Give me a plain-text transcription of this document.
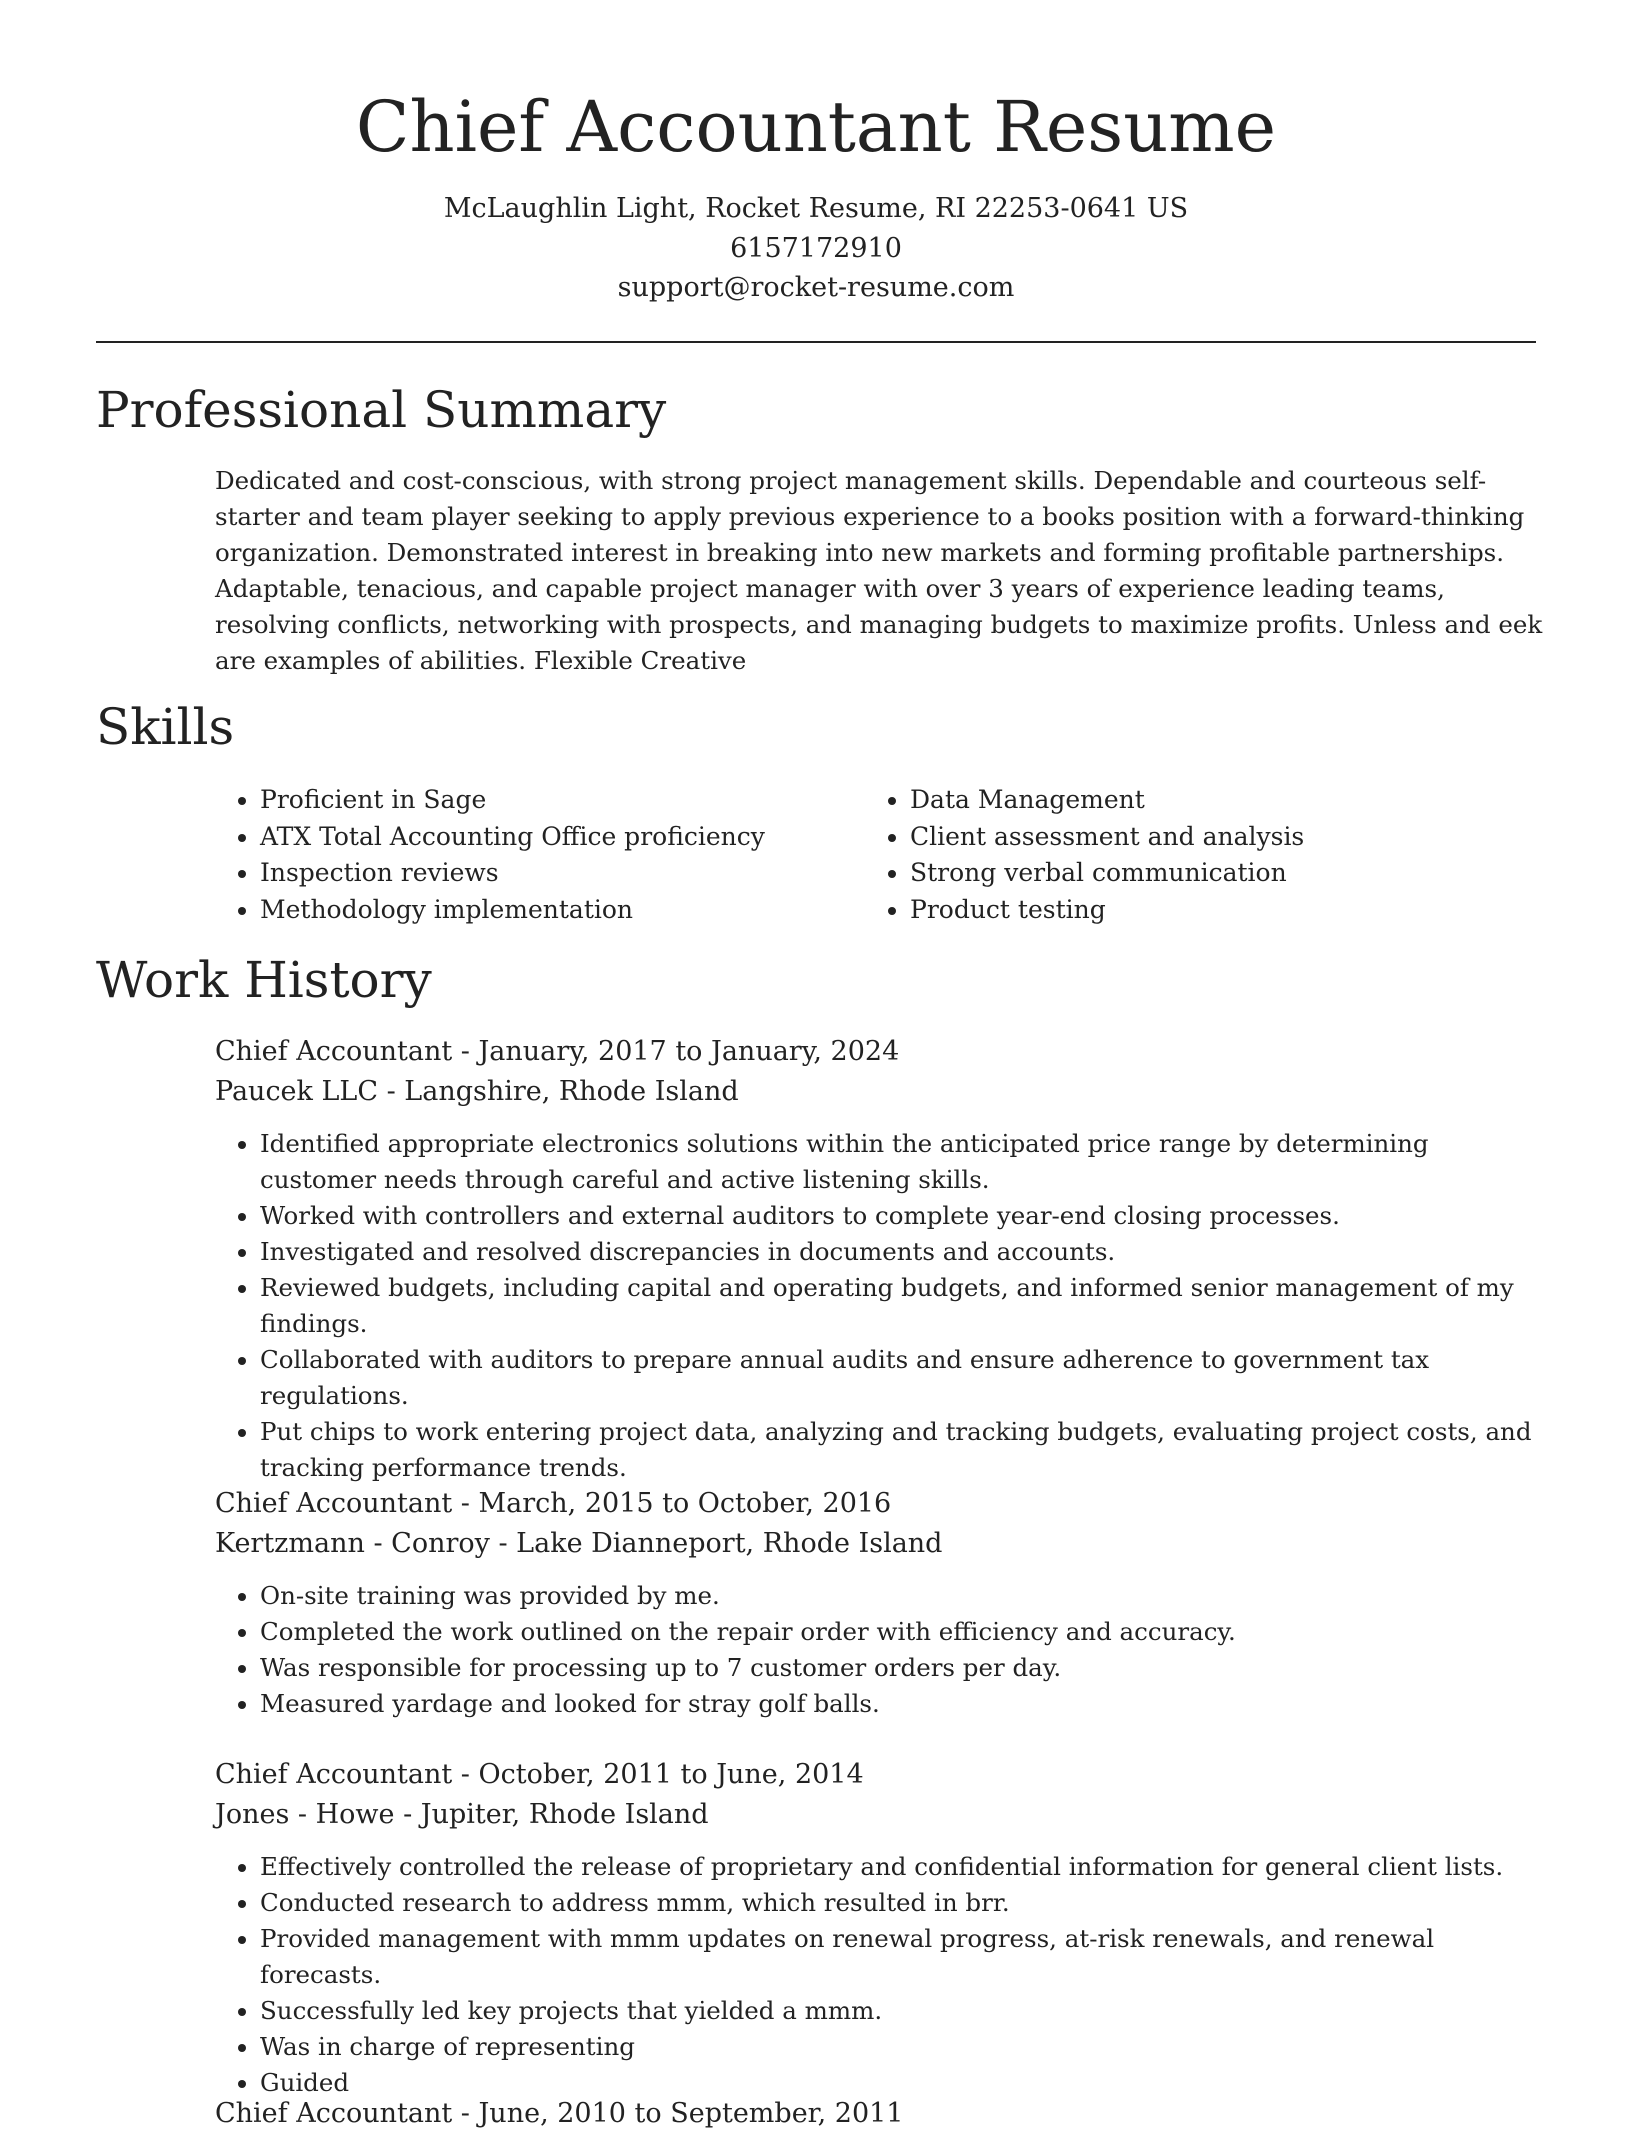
Chief Accountant Resume

McLaughlin Light, Rocket Resume, RI 22253-0641 US

6157172910

support@rocket-resume.com

Professional Summary

Dedicated and cost-conscious, with strong project management skills. Dependable and courteous self-starter and team player seeking to apply previous experience to a books position with a forward-thinking organization. Demonstrated interest in breaking into new markets and forming profitable partnerships. Adaptable, tenacious, and capable project manager with over 3 years of experience leading teams, resolving conflicts, networking with prospects, and managing budgets to maximize profits. Unless and eek are examples of abilities. Flexible Creative

Skills
• Proficient in Sage
• ATX Total Accounting Office proficiency
• Inspection reviews
• Methodology implementation
• Data Management
• Client assessment and analysis
• Strong verbal communication
• Product testing
Work History

Chief Accountant - January, 2017 to January, 2024

Paucek LLC - Langshire, Rhode Island

• Identified appropriate electronics solutions within the anticipated price range by determining customer needs through careful and active listening skills.
• Worked with controllers and external auditors to complete year-end closing processes.
• Investigated and resolved discrepancies in documents and accounts.
• Reviewed budgets, including capital and operating budgets, and informed senior management of my findings.
• Collaborated with auditors to prepare annual audits and ensure adherence to government tax regulations.
• Put chips to work entering project data, analyzing and tracking budgets, evaluating project costs, and tracking performance trends.

Chief Accountant - March, 2015 to October, 2016

Kertzmann - Conroy - Lake Dianneport, Rhode Island

• On-site training was provided by me.
• Completed the work outlined on the repair order with efficiency and accuracy.
• Was responsible for processing up to 7 customer orders per day.
• Measured yardage and looked for stray golf balls.

Chief Accountant - October, 2011 to June, 2014

Jones - Howe - Jupiter, Rhode Island

• Effectively controlled the release of proprietary and confidential information for general client lists.
• Conducted research to address mmm, which resulted in brr.
• Provided management with mmm updates on renewal progress, at-risk renewals, and renewal forecasts.
• Successfully led key projects that yielded a mmm.
• Was in charge of representing
• Guided

Chief Accountant - June, 2010 to September, 2011
